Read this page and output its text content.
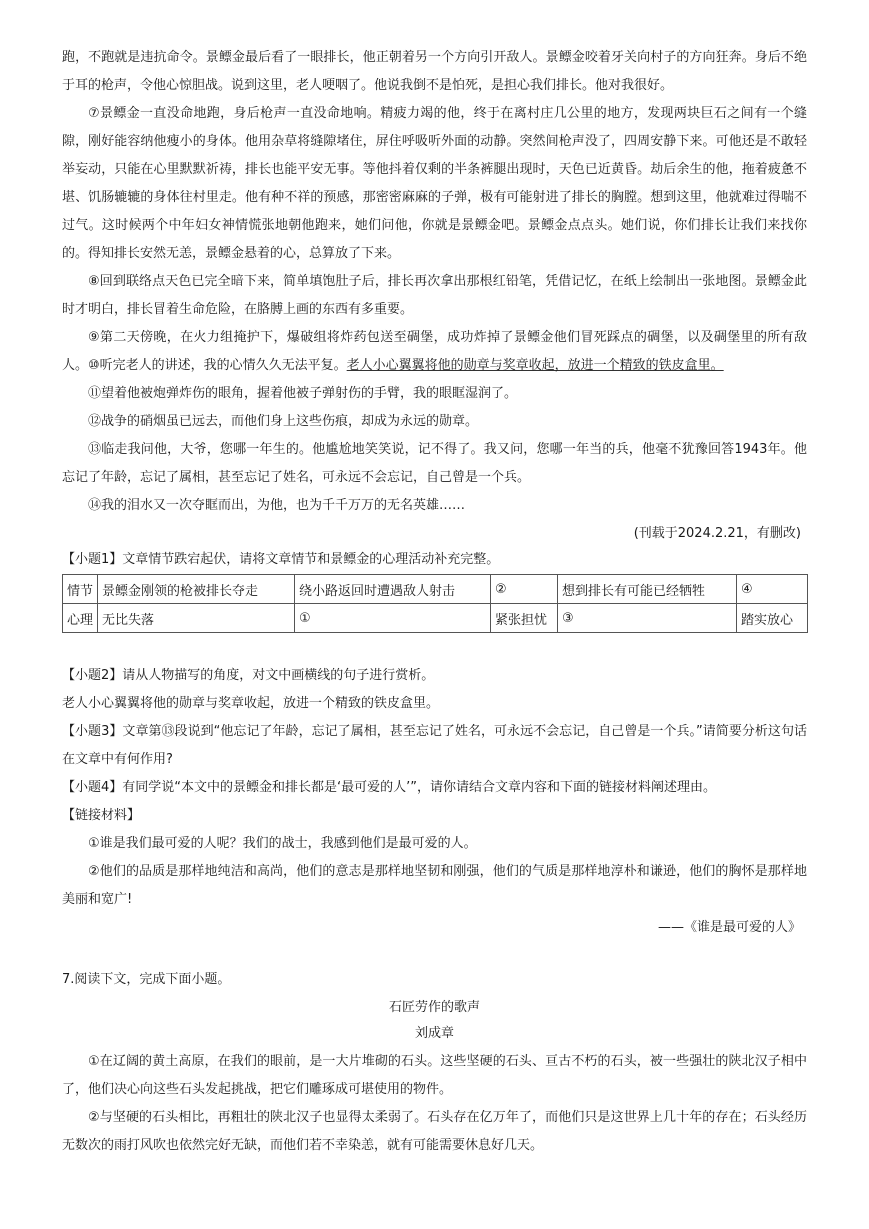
跑，不跑就是违抗命令。景鳔金最后看了一眼排长，他正朝着另一个方向引开敌人。景鳔金咬着牙关向村子的方向狂奔。身后不绝于耳的枪声，令他心惊胆战。说到这里，老人哽咽了。他说我倒不是怕死，是担心我们排长。他对我很好。

⑦景鳔金一直没命地跑，身后枪声一直没命地响。精疲力竭的他，终于在离村庄几公里的地方，发现两块巨石之间有一个缝隙，刚好能容纳他瘦小的身体。他用杂草将缝隙堵住，屏住呼吸听外面的动静。突然间枪声没了，四周安静下来。可他还是不敢轻举妄动，只能在心里默默祈祷，排长也能平安无事。等他抖着仅剩的半条裤腿出现时，天色已近黄昏。劫后余生的他，拖着疲惫不堪、饥肠辘辘的身体往村里走。他有种不祥的预感，那密密麻麻的子弹，极有可能射进了排长的胸膛。想到这里，他就难过得喘不过气。这时候两个中年妇女神情慌张地朝他跑来，她们问他，你就是景鳔金吧。景鳔金点点头。她们说，你们排长让我们来找你的。得知排长安然无恙，景鳔金悬着的心，总算放了下来。

⑧回到联络点天色已完全暗下来，简单填饱肚子后，排长再次拿出那根红铅笔，凭借记忆，在纸上绘制出一张地图。景鳔金此时才明白，排长冒着生命危险，在胳膊上画的东西有多重要。

⑨第二天傍晚，在火力组掩护下，爆破组将炸药包送至碉堡，成功炸掉了景鳔金他们冒死踩点的碉堡，以及碉堡里的所有敌人。 ⑩听完老人的讲述，我的心情久久无法平复。老人小心翼翼将他的勋章与奖章收起，放进一个精致的铁皮盒里。

⑪望着他被炮弹炸伤的眼角，握着他被子弹射伤的手臂，我的眼眶湿润了。

⑫战争的硝烟虽已远去，而他们身上这些伤痕，却成为永远的勋章。

⑬临走我问他，大爷，您哪一年生的。他尴尬地笑笑说，记不得了。我又问，您哪一年当的兵，他毫不犹豫回答1943年。他忘记了年龄，忘记了属相，甚至忘记了姓名，可永远不会忘记，自己曾是一个兵。

⑭我的泪水又一次夺眶而出，为他，也为千千万万的无名英雄……

(刊载于2024.2.21，有删改)

【小题1】文章情节跌宕起伏，请将文章情节和景鳔金的心理活动补充完整。

情节	景鳔金刚领的枪被排长夺走	绕小路返回时遭遇敌人射击	②	想到排长有可能已经牺牲	④
心理	无比失落	①	紧张担忧	③	踏实放心

【小题2】请从人物描写的角度，对文中画横线的句子进行赏析。

老人小心翼翼将他的勋章与奖章收起，放进一个精致的铁皮盒里。

【小题3】文章第⑬段说到“他忘记了年龄，忘记了属相，甚至忘记了姓名，可永远不会忘记，自己曾是一个兵。”请简要分析这句话在文章中有何作用?

【小题4】有同学说“本文中的景鳔金和排长都是‘最可爱的人’”，请你请结合文章内容和下面的链接材料阐述理由。

【链接材料】

①谁是我们最可爱的人呢？我们的战士，我感到他们是最可爱的人。

②他们的品质是那样地纯洁和高尚，他们的意志是那样地坚韧和刚强，他们的气质是那样地淳朴和谦逊，他们的胸怀是那样地美丽和宽广!

——《谁是最可爱的人》

7.阅读下文，完成下面小题。

石匠劳作的歌声

刘成章

①在辽阔的黄土高原，在我们的眼前，是一大片堆砌的石头。这些坚硬的石头、亘古不朽的石头，被一些强壮的陕北汉子相中了，他们决心向这些石头发起挑战，把它们雕琢成可堪使用的物件。

②与坚硬的石头相比，再粗壮的陕北汉子也显得太柔弱了。石头存在亿万年了，而他们只是这世界上几十年的存在；石头经历无数次的雨打风吹也依然完好无缺，而他们若不幸染恙，就有可能需要休息好几天。
